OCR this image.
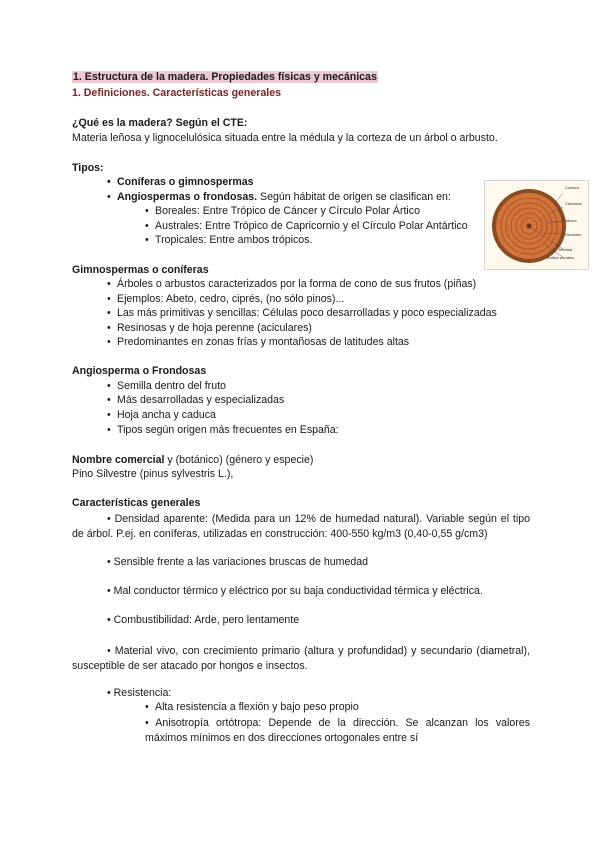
1. Estructura de la madera. Propiedades físicas y mecánicas
1. Definiciones. Características generales
¿Qué es la madera? Según el CTE:
Materia leñosa y lignocelulósica situada entre la médula y la corteza de un árbol o arbusto.
Tipos:
• Coníferas o gimnospermas
• Angiospermas o frondosas. Según hábitat de origen se clasifican en:
• Boreales: Entre Trópico de Cáncer y Círculo Polar Ártico
• Australes: Entre Trópico de Capricornio y el Círculo Polar Antártico
• Tropicales: Entre ambos trópicos.
Corteza
Cambium
Albura
Duramen
Médula
Anillos anuales
Gimnospermas o coníferas
• Árboles o arbustos caracterizados por la forma de cono de sus frutos (piñas)
• Ejemplos: Abeto, cedro, ciprés, (no sólo pinos)...
• Las más primitivas y sencillas: Células poco desarrolladas y poco especializadas
• Resinosas y de hoja perenne (aciculares)
• Predominantes en zonas frías y montañosas de latitudes altas
Angiosperma o Frondosas
• Semilla dentro del fruto
• Más desarrolladas y especializadas
• Hoja ancha y caduca
• Tipos según origen más frecuentes en España:
Nombre comercial y (botánico) (género y especie)
Pino Silvestre (pinus sylvestris L.),
Características generales
• Densidad aparente: (Medida para un 12% de humedad natural). Variable según el tipo de árbol. P.ej. en coníferas, utilizadas en construcción: 400-550 kg/m3 (0,40-0,55 g/cm3)
• Sensible frente a las variaciones bruscas de humedad
• Mal conductor térmico y eléctrico por su baja conductividad térmica y eléctrica.
• Combustibilidad: Arde, pero lentamente
• Material vivo, con crecimiento primario (altura y profundidad) y secundario (diametral), susceptible de ser atacado por hongos e insectos.
• Resistencia:
• Alta resistencia a flexión y bajo peso propio
• Anisotropía ortótropa: Depende de la dirección. Se alcanzan los valores máximos mínimos en dos direcciones ortogonales entre sí
